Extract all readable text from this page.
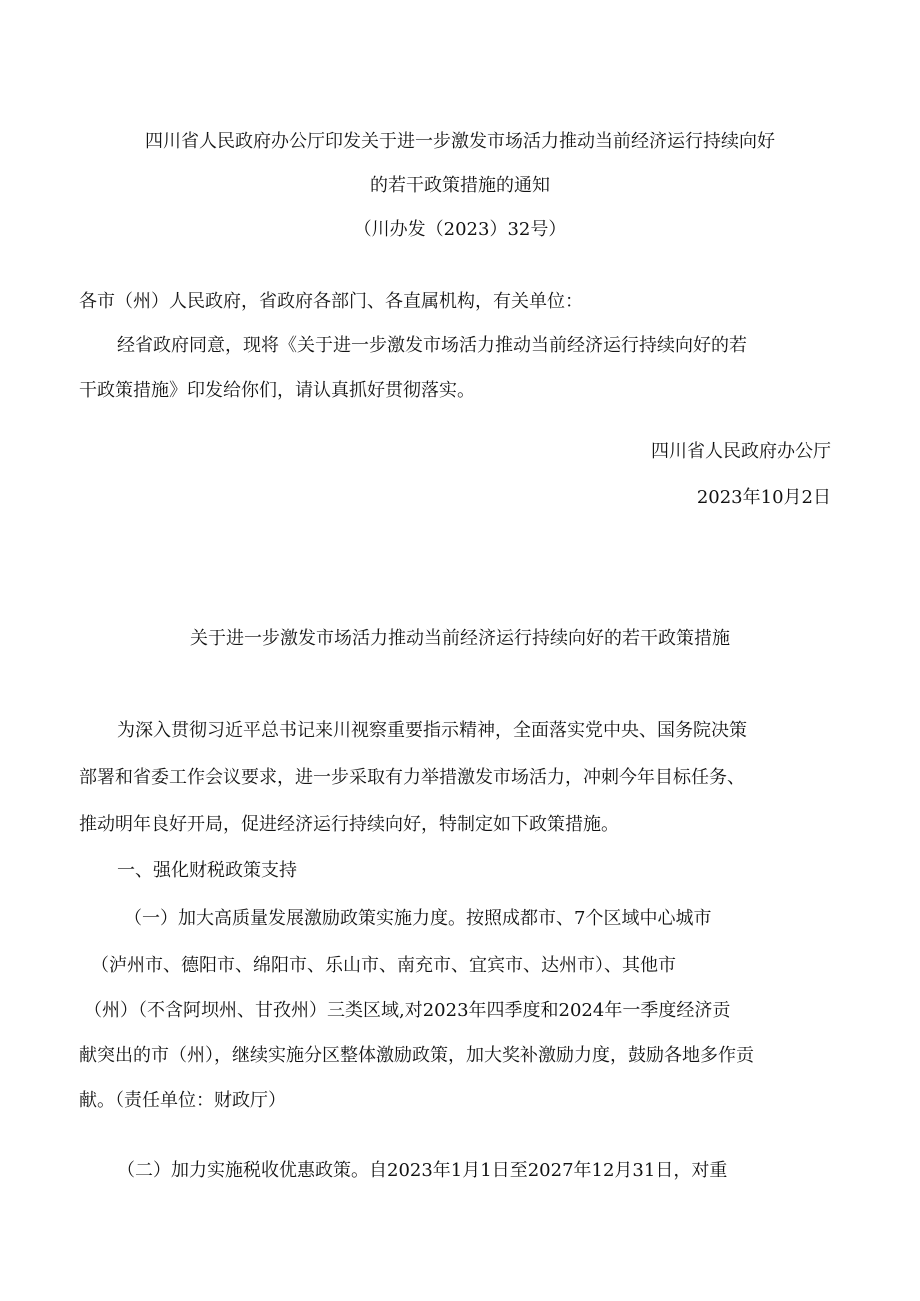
四川省人民政府办公厅印发关于进一步激发市场活力推动当前经济运行持续向好
的若干政策措施的通知
（川办发（2023）32号）
各市（州）人民政府，省政府各部门、各直属机构，有关单位：
经省政府同意，现将《关于进一步激发市场活力推动当前经济运行持续向好的若
干政策措施》印发给你们，请认真抓好贯彻落实。
四川省人民政府办公厅
2023年10月2日
关于进一步激发市场活力推动当前经济运行持续向好的若干政策措施
为深入贯彻习近平总书记来川视察重要指示精神，全面落实党中央、国务院决策
部署和省委工作会议要求，进一步采取有力举措激发市场活力，冲刺今年目标任务、
推动明年良好开局，促进经济运行持续向好，特制定如下政策措施。
一、强化财税政策支持
（一）加大高质量发展激励政策实施力度。按照成都市、7个区域中心城市
（泸州市、德阳市、绵阳市、乐山市、南充市、宜宾市、达州市）、其他市
（州）（不含阿坝州、甘孜州）三类区域,对2023年四季度和2024年一季度经济贡
献突出的市（州），继续实施分区整体激励政策，加大奖补激励力度，鼓励各地多作贡
献。（责任单位：财政厅）
（二）加力实施税收优惠政策。自2023年1月1日至2027年12月31日，对重
